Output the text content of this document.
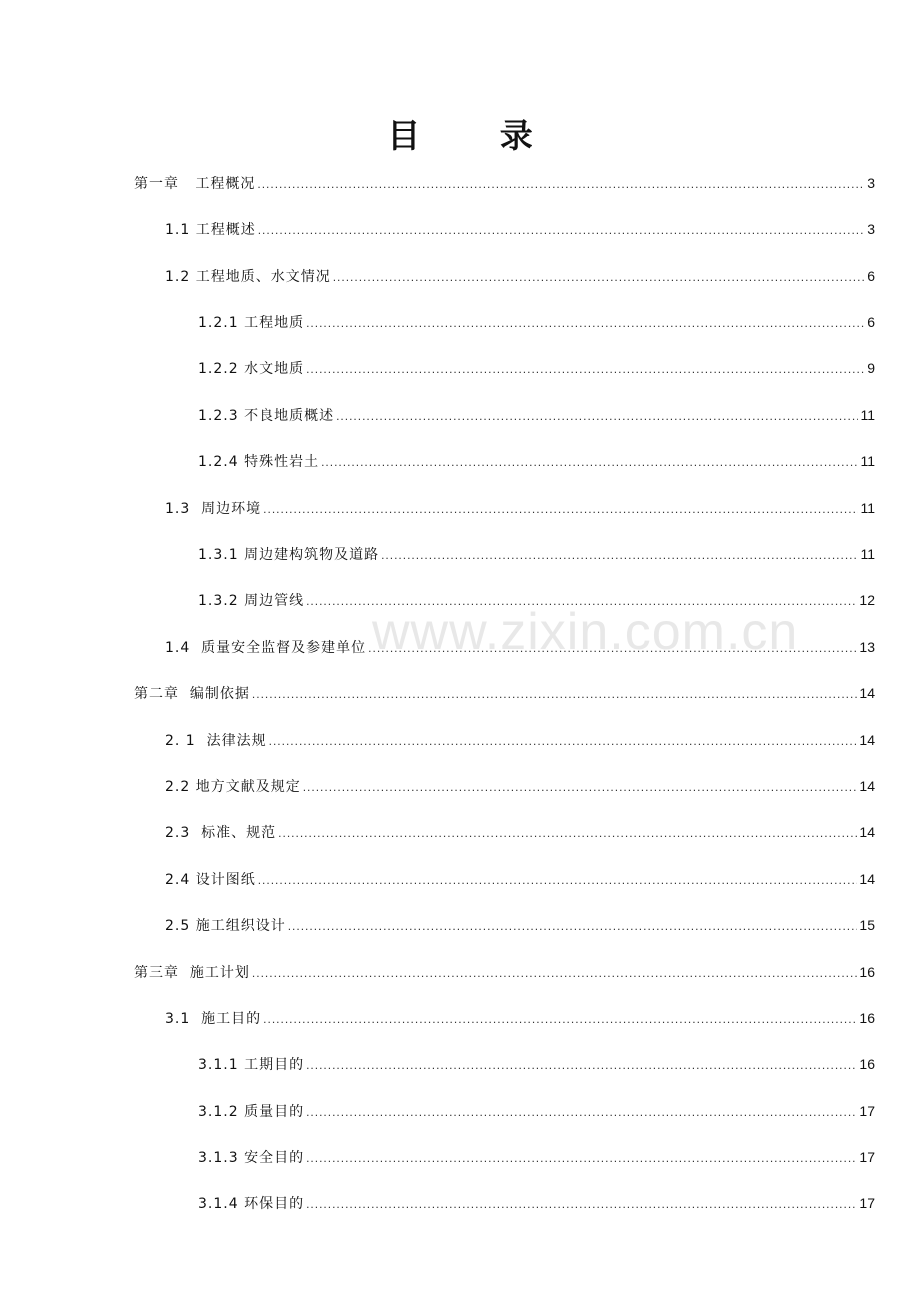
目 录
www.zixin.com.cn
第一章   工程概况 .....	3
1.1 工程概述 .....	3
1.2 工程地质、水文情况 .....	6
1.2.1 工程地质 .....	6
1.2.2 水文地质 .....	9
1.2.3 不良地质概述 .....	11
1.2.4 特殊性岩土 .....	11
1.3  周边环境 .....	11
1.3.1 周边建构筑物及道路 .....	11
1.3.2 周边管线 .....	12
1.4  质量安全监督及参建单位 .....	13
第二章  编制依据 .....	14
2. 1  法律法规 .....	14
2.2 地方文献及规定 .....	14
2.3  标准、规范 .....	14
2.4 设计图纸 .....	14
2.5 施工组织设计 .....	15
第三章  施工计划 .....	16
3.1  施工目的 .....	16
3.1.1 工期目的 .....	16
3.1.2 质量目的 .....	17
3.1.3 安全目的 .....	17
3.1.4 环保目的 .....	17
